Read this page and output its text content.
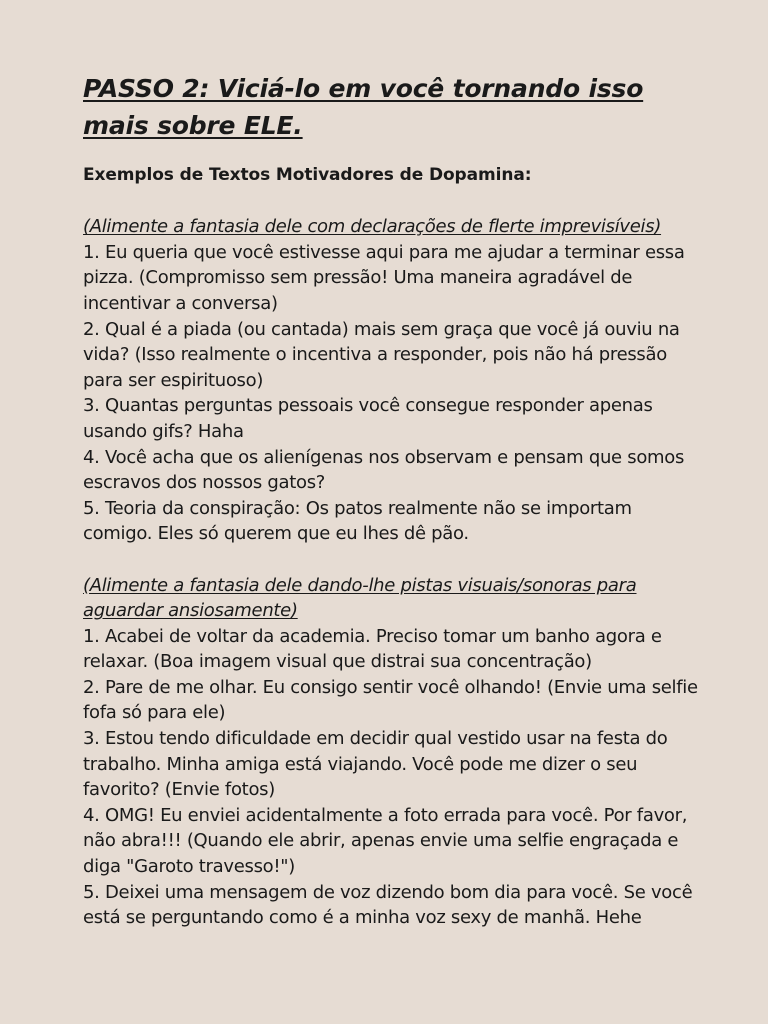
PASSO 2: Viciá-lo em você tornando isso mais sobre ELE.

Exemplos de Textos Motivadores de Dopamina:

(Alimente a fantasia dele com declarações de flerte imprevisíveis)

1. Eu queria que você estivesse aqui para me ajudar a terminar essa pizza. (Compromisso sem pressão! Uma maneira agradável de incentivar a conversa)
2. Qual é a piada (ou cantada) mais sem graça que você já ouviu na vida? (Isso realmente o incentiva a responder, pois não há pressão para ser espirituoso)
3. Quantas perguntas pessoais você consegue responder apenas usando gifs? Haha
4. Você acha que os alienígenas nos observam e pensam que somos escravos dos nossos gatos?
5. Teoria da conspiração: Os patos realmente não se importam comigo. Eles só querem que eu lhes dê pão.

(Alimente a fantasia dele dando-lhe pistas visuais/sonoras para aguardar ansiosamente)

1. Acabei de voltar da academia. Preciso tomar um banho agora e relaxar. (Boa imagem visual que distrai sua concentração)
2. Pare de me olhar. Eu consigo sentir você olhando! (Envie uma selfie fofa só para ele)
3. Estou tendo dificuldade em decidir qual vestido usar na festa do trabalho. Minha amiga está viajando. Você pode me dizer o seu favorito? (Envie fotos)
4. OMG! Eu enviei acidentalmente a foto errada para você. Por favor, não abra!!! (Quando ele abrir, apenas envie uma selfie engraçada e diga "Garoto travesso!")
5. Deixei uma mensagem de voz dizendo bom dia para você. Se você está se perguntando como é a minha voz sexy de manhã. Hehe
